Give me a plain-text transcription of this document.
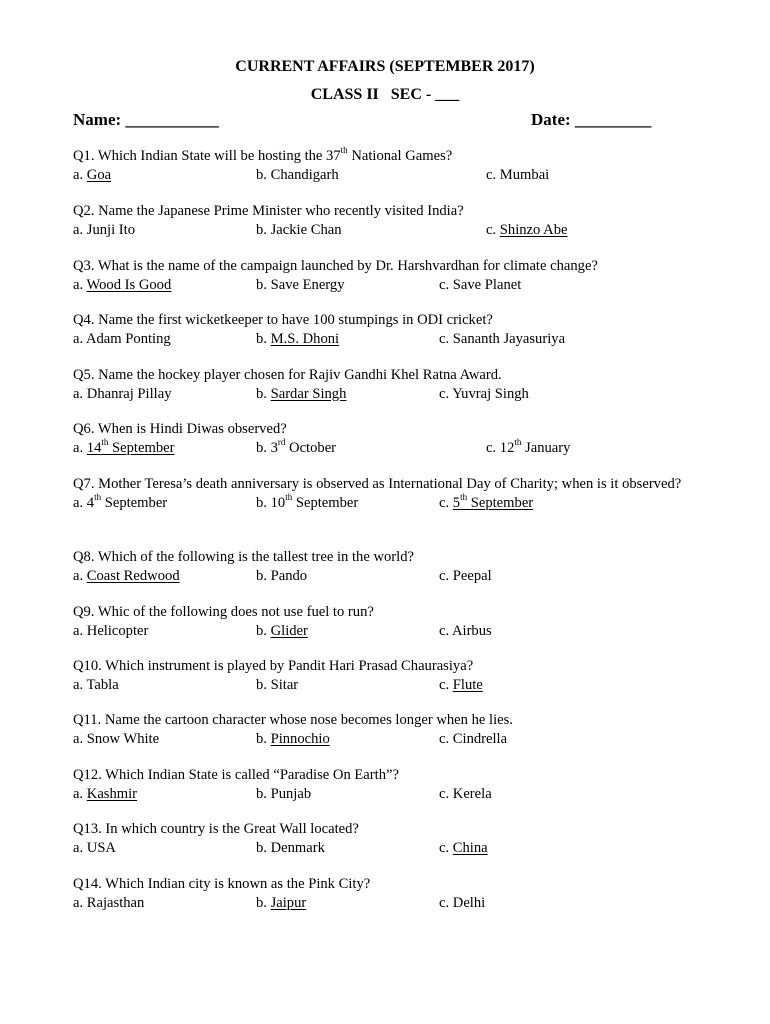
CURRENT AFFAIRS (SEPTEMBER 2017)
CLASS II   SEC - ___
Name: ___________	Date: _________
Q1. Which Indian State will be hosting the 37th National Games?
a. Goa	b. Chandigarh	c. Mumbai
Q2. Name the Japanese Prime Minister who recently visited India?
a. Junji Ito	b. Jackie Chan	c. Shinzo Abe
Q3. What is the name of the campaign launched by Dr. Harshvardhan for climate change?
a. Wood Is Good	b. Save Energy	c. Save Planet
Q4. Name the first wicketkeeper to have 100 stumpings in ODI cricket?
a. Adam Ponting	b. M.S. Dhoni	c. Sananth Jayasuriya
Q5. Name the hockey player chosen for Rajiv Gandhi Khel Ratna Award.
a. Dhanraj Pillay	b. Sardar Singh	c. Yuvraj Singh
Q6. When is Hindi Diwas observed?
a. 14th September	b. 3rd October	c. 12th January
Q7. Mother Teresa’s death anniversary is observed as International Day of Charity; when is it observed?
a. 4th September	b. 10th September	c. 5th September
Q8. Which of the following is the tallest tree in the world?
a. Coast Redwood	b. Pando	c. Peepal
Q9. Whic of the following does not use fuel to run?
a. Helicopter	b. Glider	c. Airbus
Q10. Which instrument is played by Pandit Hari Prasad Chaurasiya?
a. Tabla	b. Sitar	c. Flute
Q11. Name the cartoon character whose nose becomes longer when he lies.
a. Snow White	b. Pinnochio	c. Cindrella
Q12. Which Indian State is called “Paradise On Earth”?
a. Kashmir	b. Punjab	c. Kerela
Q13. In which country is the Great Wall located?
a. USA	b. Denmark	c. China
Q14. Which Indian city is known as the Pink City?
a. Rajasthan	b. Jaipur	c. Delhi
